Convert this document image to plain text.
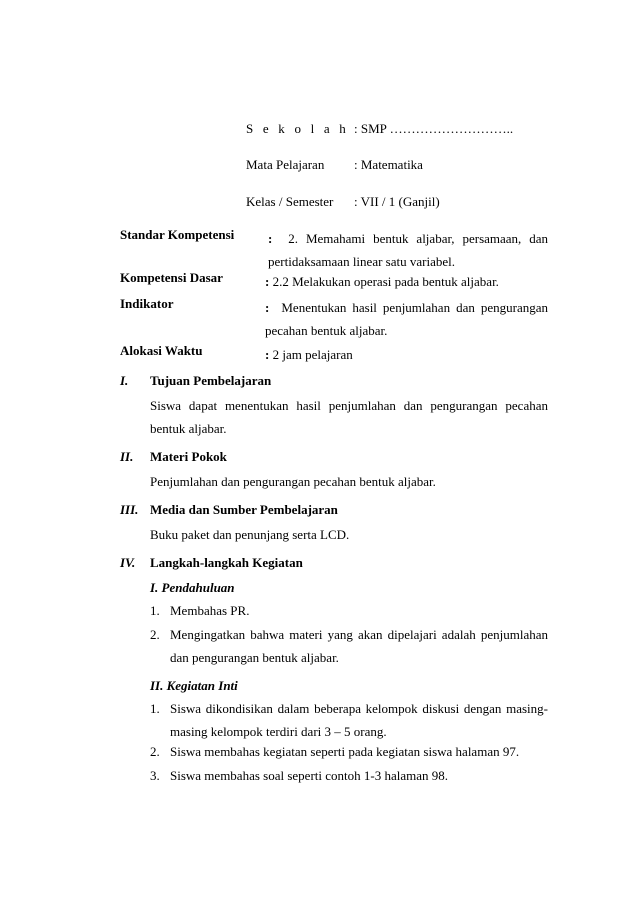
S e k o l a h : SMP ………………………..
Mata Pelajaran : Matematika
Kelas / Semester : VII / 1 (Ganjil)
Standar Kompetensi	: 2. Memahami bentuk aljabar, persamaan, dan pertidaksamaan linear satu variabel.
Kompetensi Dasar	: 2.2 Melakukan operasi pada bentuk aljabar.
Indikator	: Menentukan hasil penjumlahan dan pengurangan pecahan bentuk aljabar.
Alokasi Waktu	: 2 jam pelajaran
I. Tujuan Pembelajaran
Siswa dapat menentukan hasil penjumlahan dan pengurangan pecahan bentuk aljabar.
II. Materi Pokok
Penjumlahan dan pengurangan pecahan bentuk aljabar.
III. Media dan Sumber Pembelajaran
Buku paket dan penunjang serta LCD.
IV. Langkah-langkah Kegiatan
I. Pendahuluan
1. Membahas PR.
2. Mengingatkan bahwa materi yang akan dipelajari adalah penjumlahan dan pengurangan bentuk aljabar.
II. Kegiatan Inti
1. Siswa dikondisikan dalam beberapa kelompok diskusi dengan masing-masing kelompok terdiri dari 3 – 5 orang.
2. Siswa membahas kegiatan seperti pada kegiatan siswa halaman 97.
3. Siswa membahas soal seperti contoh 1-3 halaman 98.
